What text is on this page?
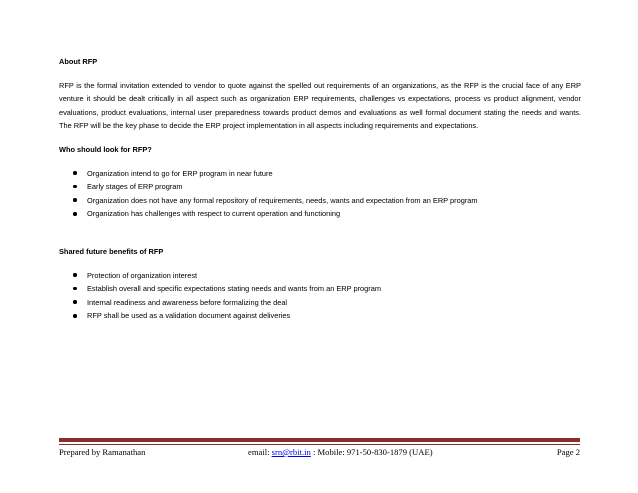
About RFP

RFP is the formal invitation extended to vendor to quote against the spelled out requirements of an organizations, as the RFP is the crucial face of any ERP venture it should be dealt critically in all aspect such as organization ERP requirements, challenges vs expectations, process vs product alignment, vendor evaluations, product evaluations, internal user preparedness towards product demos and evaluations as well formal document stating the needs and wants. The RFP will be the key phase to decide the ERP project implementation in all aspects including requirements and expectations.

Who should look for RFP?

Organization intend to go for ERP program in near future
Early stages of ERP program
Organization does not have any formal repository of requirements, needs, wants and expectation from an ERP program
Organization has challenges with respect to current operation and functioning

Shared future benefits of RFP

Protection of organization interest
Establish overall and specific expectations stating needs and wants from an ERP program
Internal readiness and awareness before formalizing the deal
RFP shall be used as a validation document against deliveries
Prepared by Ramanathan	email: srn@rbit.in : Mobile: 971-50-830-1879 (UAE)	Page 2
